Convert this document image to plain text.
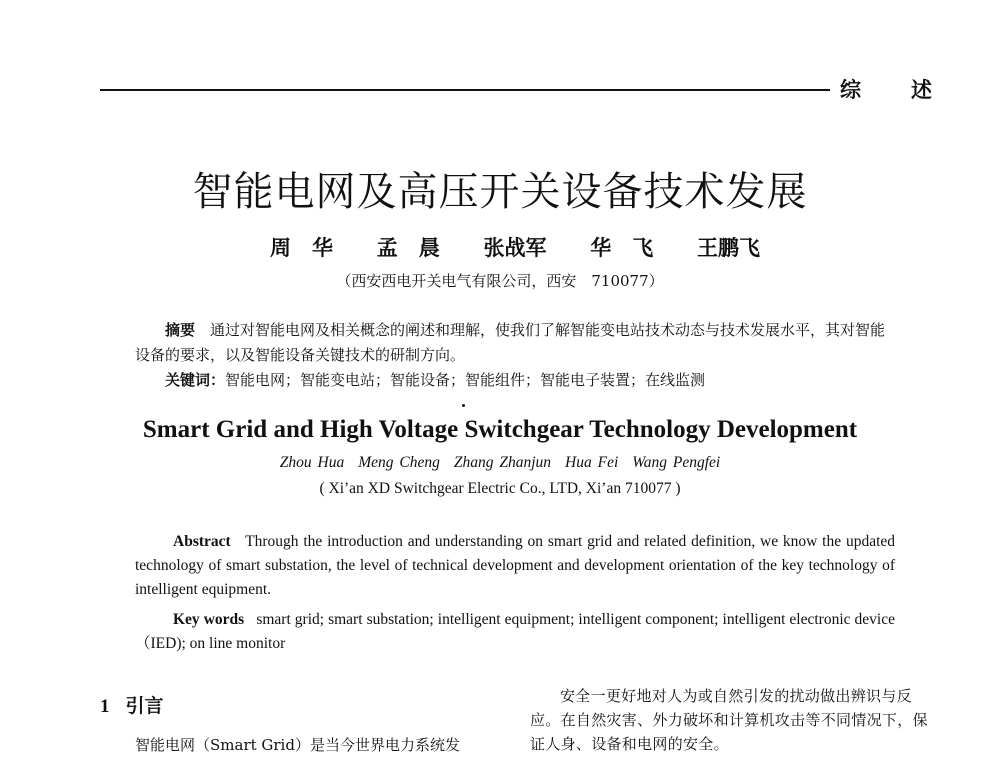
综 述
智能电网及高压开关设备技术发展
周　华 孟　晨 张战军 华　飞 王鹏飞
（西安西电开关电气有限公司，西安　710077）

摘要　 通过对智能电网及相关概念的阐述和理解，使我们了解智能变电站技术动态与技术发展水平，其对智能设备的要求，以及智能设备关键技术的研制方向。

关键词：智能电网；智能变电站；智能设备；智能组件；智能电子装置；在线监测

Smart Grid and High Voltage Switchgear Technology Development
Zhou Hua Meng Cheng Zhang Zhanjun Hua Fei Wang Pengfei
( Xi’an XD Switchgear Electric Co., LTD, Xi’an 710077 )

Abstract Through the introduction and understanding on smart grid and related definition, we know the updated technology of smart substation, the level of technical development and development orientation of the key technology of intelligent equipment.

Key words smart grid; smart substation; intelligent equipment; intelligent component; intelligent electronic device（IED); on line monitor

1 引言

智能电网（Smart Grid）是当今世界电力系统发

安全一更好地对人为或自然引发的扰动做出辨识与反应。在自然灾害、外力破坏和计算机攻击等不同情况下，保证人身、设备和电网的安全。
